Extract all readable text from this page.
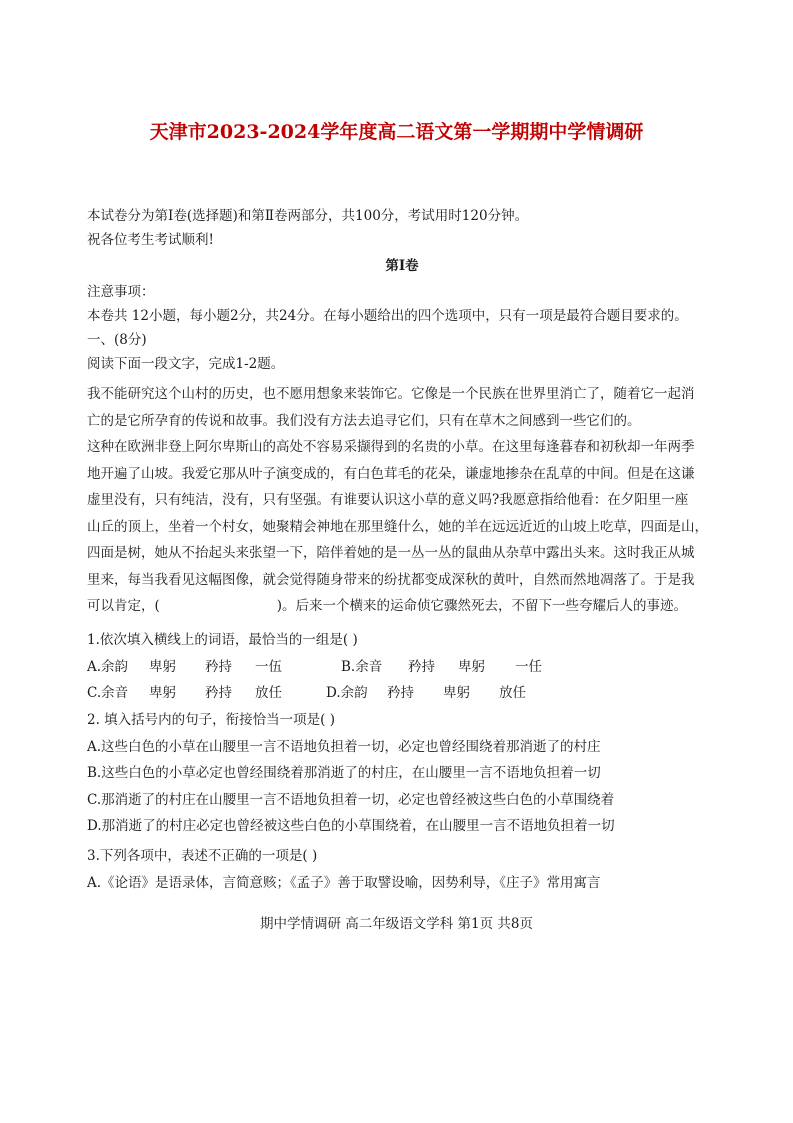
天津市2023-2024学年度高二语文第一学期期中学情调研
本试卷分为第Ⅰ卷(选择题)和第Ⅱ卷两部分，共100分，考试用时120分钟。
祝各位考生考试顺利!
第Ⅰ卷
注意事项：
本卷共 12小题，每小题2分，共24分。在每小题给出的四个选项中，只有一项是最符合题目要求的。
一、(8分)
阅读下面一段文字，完成1-2题。
我不能研究这个山村的历史，也不愿用想象来装饰它。它像是一个民族在世界里消亡了，随着它一起消
亡的是它所孕育的传说和故事。我们没有方法去追寻它们，只有在草木之间感到一些它们的。
这种在欧洲非登上阿尔卑斯山的高处不容易采撷得到的名贵的小草。在这里每逢暮春和初秋却一年两季
地开遍了山坡。我爱它那从叶子演变成的，有白色茸毛的花朵，谦虚地掺杂在乱草的中间。但是在这谦
虚里没有，只有纯洁，没有，只有坚强。有谁要认识这小草的意义吗?我愿意指给他看：在夕阳里一座
山丘的顶上，坐着一个村女，她聚精会神地在那里缝什么，她的羊在远远近近的山坡上吃草，四面是山，
四面是树，她从不抬起头来张望一下，陪伴着她的是一丛一丛的鼠曲从杂草中露出头来。这时我正从城
里来，每当我看见这幅图像，就会觉得随身带来的纷扰都变成深秋的黄叶，自然而然地凋落了。于是我
可以肯定，(	)。后来一个横来的运命侦它骤然死去，不留下一些夸耀后人的事迹。
1.依次填入横线上的词语，最恰当的一组是( )
A.余韵	卑躬	矜持	一伍	B.余音	矜持	卑躬	一任
C.余音	卑躬	矜持	放任	D.余韵	矜持	卑躬	放任
2. 填入括号内的句子，衔接恰当一项是( )
A.这些白色的小草在山腰里一言不语地负担着一切，必定也曾经围绕着那消逝了的村庄
B.这些白色的小草必定也曾经围绕着那消逝了的村庄，在山腰里一言不语地负担着一切
C.那消逝了的村庄在山腰里一言不语地负担着一切，必定也曾经被这些白色的小草围绕着
D.那消逝了的村庄必定也曾经被这些白色的小草围绕着，在山腰里一言不语地负担着一切
3.下列各项中，表述不正确的一项是( )
A.《论语》是语录体，言简意赅；《孟子》善于取譬设喻，因势利导，《庄子》常用寓言
期中学情调研 高二年级语文学科 第1页 共8页
